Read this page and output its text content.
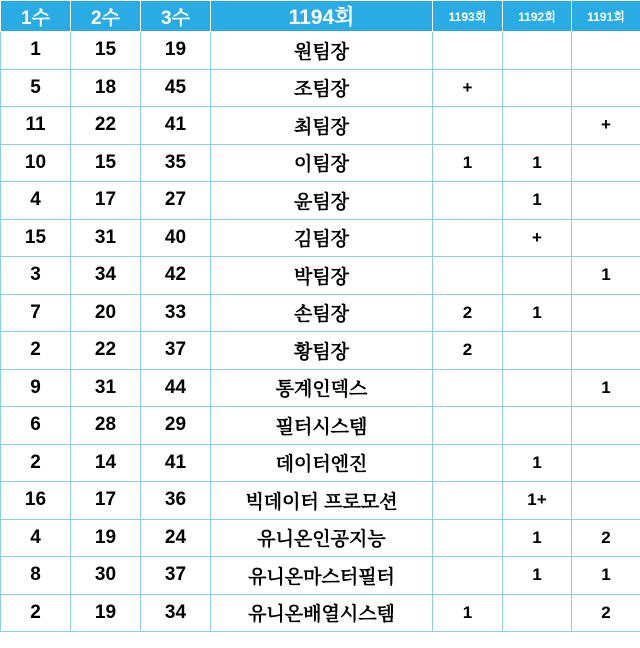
1수	2수	3수	1194회	1193회	1192회	1191회
1	15	19	원팀장			
5	18	45	조팀장	+		
11	22	41	최팀장			+
10	15	35	이팀장	1	1	
4	17	27	윤팀장		1	
15	31	40	김팀장		+	
3	34	42	박팀장			1
7	20	33	손팀장	2	1	
2	22	37	황팀장	2		
9	31	44	통계인덱스			1
6	28	29	필터시스템			
2	14	41	데이터엔진		1	
16	17	36	빅데이터 프로모션		1+	
4	19	24	유니온인공지능		1	2
8	30	37	유니온마스터필터		1	1
2	19	34	유니온배열시스템	1		2
